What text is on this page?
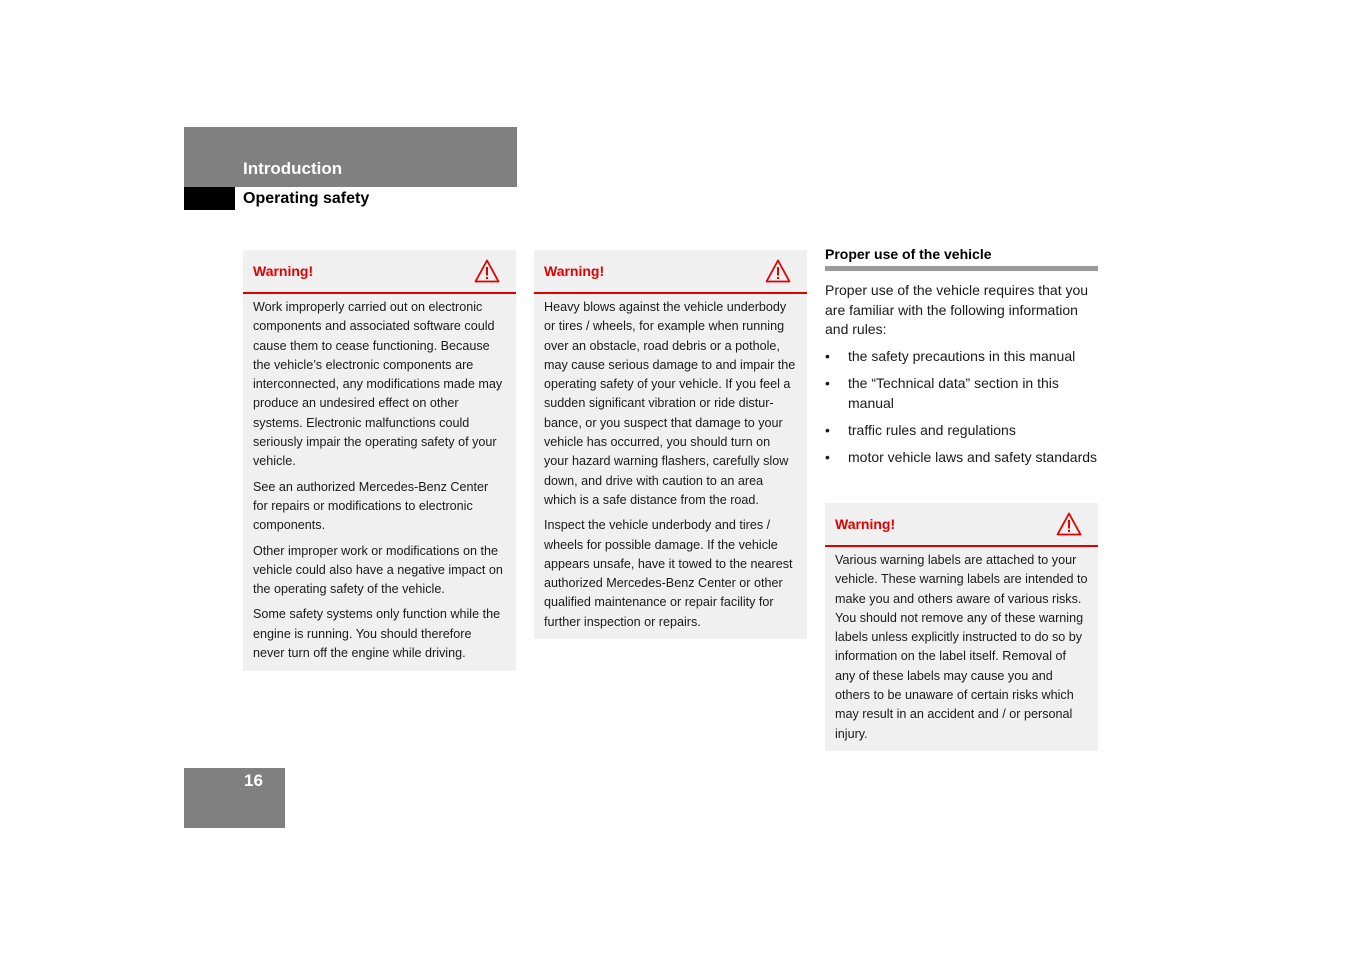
Introduction
Operating safety
Warning!

Work improperly carried out on electronic components and associated software could cause them to cease functioning. Because the vehicle’s electronic components are interconnected, any modifications made may produce an undesired effect on other systems. Electronic malfunctions could seriously impair the operating safety of your vehicle.

See an authorized Mercedes-Benz Center for repairs or modifications to electronic components.

Other improper work or modifications on the vehicle could also have a negative impact on the operating safety of the vehicle.

Some safety systems only function while the engine is running. You should therefore never turn off the engine while driving.

Warning!

Heavy blows against the vehicle underbody or tires / wheels, for example when running over an obstacle, road debris or a pothole, may cause serious damage to and impair the operating safety of your vehicle. If you feel a sudden significant vibration or ride distur-bance, or you suspect that damage to your vehicle has occurred, you should turn on your hazard warning flashers, carefully slow down, and drive with caution to an area which is a safe distance from the road.

Inspect the vehicle underbody and tires / wheels for possible damage. If the vehicle appears unsafe, have it towed to the nearest authorized Mercedes-Benz Center or other qualified maintenance or repair facility for further inspection or repairs.

Proper use of the vehicle

Proper use of the vehicle requires that you are familiar with the following information and rules:

• the safety precautions in this manual
• the “Technical data” section in this manual
• traffic rules and regulations
• motor vehicle laws and safety standards
Warning!

Various warning labels are attached to your vehicle. These warning labels are intended to make you and others aware of various risks. You should not remove any of these warning labels unless explicitly instructed to do so by information on the label itself. Removal of any of these labels may cause you and others to be unaware of certain risks which may result in an accident and / or personal injury.

16
